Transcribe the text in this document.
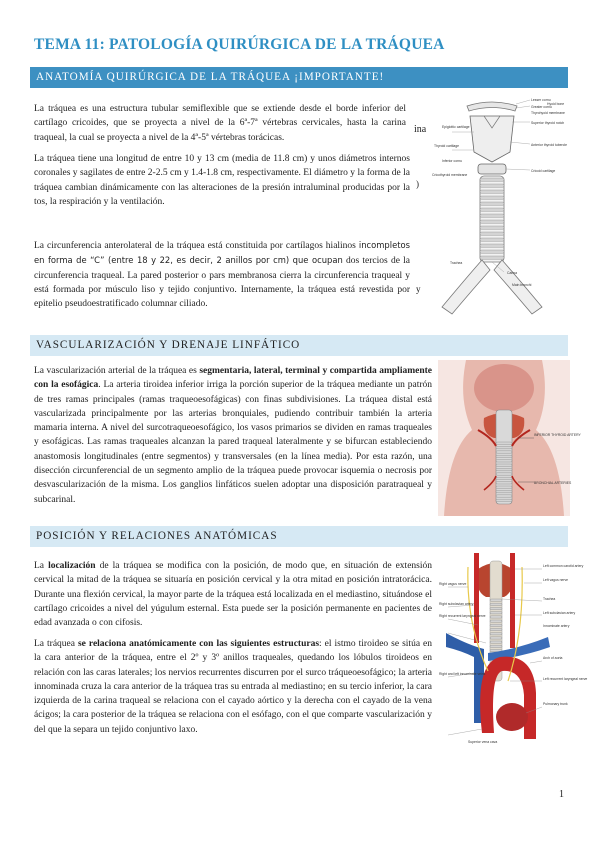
TEMA 11: PATOLOGÍA QUIRÚRGICA DE LA TRÁQUEA
ANATOMÍA QUIRÚRGICA DE LA TRÁQUEA ¡IMPORTANTE!

La tráquea es una estructura tubular semiflexible que se extiende desde el borde inferior del cartílago cricoides, que se proyecta a nivel de la 6ª-7ª vértebras cervicales, hasta la carina traqueal, la cual se proyecta a nivel de la 4ª-5ª vértebras torácicas.

La tráquea tiene una longitud de entre 10 y 13 cm (media de 11.8 cm) y unos diámetros internos coronales y sagilates de entre 2-2.5 cm y 1.4-1.8 cm, respectivamente. El diámetro y la forma de la tráquea cambian dinámicamente con las alteraciones de la presión intraluminal producidas por la tos, la respiración y la ventilación.

La circunferencia anterolateral de la tráquea está constituida por cartílagos hialinos incompletos en forma de “C” (entre 18 y 22, es decir, 2 anillos por cm) que ocupan dos tercios de la circunferencia traqueal. La pared posterior o pars membranosa cierra la circunferencia traqueal y está formada por músculo liso y tejido conjuntivo. Internamente, la tráquea está revestida por epitelio pseudoestratificado columnar ciliado.

ina
)
y
Lesser cornu
Hyoid bone
Greater cornu
Thyrohyoid membrane
Epiglottic cartilage
Thyroid cartilage
Superior thyroid notch
Inferior cornu
Anterior thyroid tubercle
Cricothyroid membrane
Cricoid cartilage
Trachea
Carina
Main bronchi
VASCULARIZACIÓN Y DRENAJE LINFÁTICO

La vascularización arterial de la tráquea es segmentaria, lateral, terminal y compartida ampliamente con la esofágica. La arteria tiroidea inferior irriga la porción superior de la tráquea mediante un patrón de tres ramas principales (ramas traqueoesofágicas) con finas subdivisiones. La tráquea distal está vascularizada principalmente por las arterias bronquiales, pudiendo contribuir también la arteria mamaria interna. A nivel del surcotraqueoesofágico, los vasos primarios se dividen en ramas traqueales y esofágicas. Las ramas traqueales alcanzan la pared traqueal lateralmente y se bifurcan estableciendo anastomosis longitudinales (entre segmentos) y transversales (en la línea media). Por esta razón, una disección circunferencial de un segmento amplio de la tráquea puede provocar isquemia o necrosis por desvascularización de la misma. Los ganglios linfáticos suelen adoptar una disposición paratraqueal y subcarinal.

INFERIOR THYROID ARTERY
BRONCHIAL ARTERIES
POSICIÓN Y RELACIONES ANATÓMICAS

La localización de la tráquea se modifica con la posición, de modo que, en situación de extensión cervical la mitad de la tráquea se situaría en posición cervical y la otra mitad en posición intratorácica. Durante una flexión cervical, la mayor parte de la tráquea está localizada en el mediastino, situándose el cartílago cricoides a nivel del yúgulum esternal. Esta puede ser la posición permanente en pacientes de edad avanzada o con cifosis.

La tráquea se relaciona anatómicamente con las siguientes estructuras: el istmo tiroideo se sitúa en la cara anterior de la tráquea, entre el 2º y 3º anillos traqueales, quedando los lóbulos tiroideos en relación con las caras laterales; los nervios recurrentes discurren por el surco tráqueoesofágico; la arteria innominada cruza la cara anterior de la tráquea tras su entrada al mediastino; en su tercio inferior, la cara izquierda de la carina traqueal se relaciona con el cayado aórtico y la derecha con el cayado de la vena ácigos; la cara posterior de la tráquea se relaciona con el esófago, con el que comparte vascularización y del que la separa un tejido conjuntivo laxo.

Left common carotid artery
Right vagus nerve
Left vagus nerve
Trachea
Left subclavian artery
Right subclavian artery
Innominate artery
Right recurrent laryngeal nerve
Arch of aorta
Left recurrent laryngeal nerve
Pulmonary trunk
Right and left innominate veins
Superior vena cava
1
